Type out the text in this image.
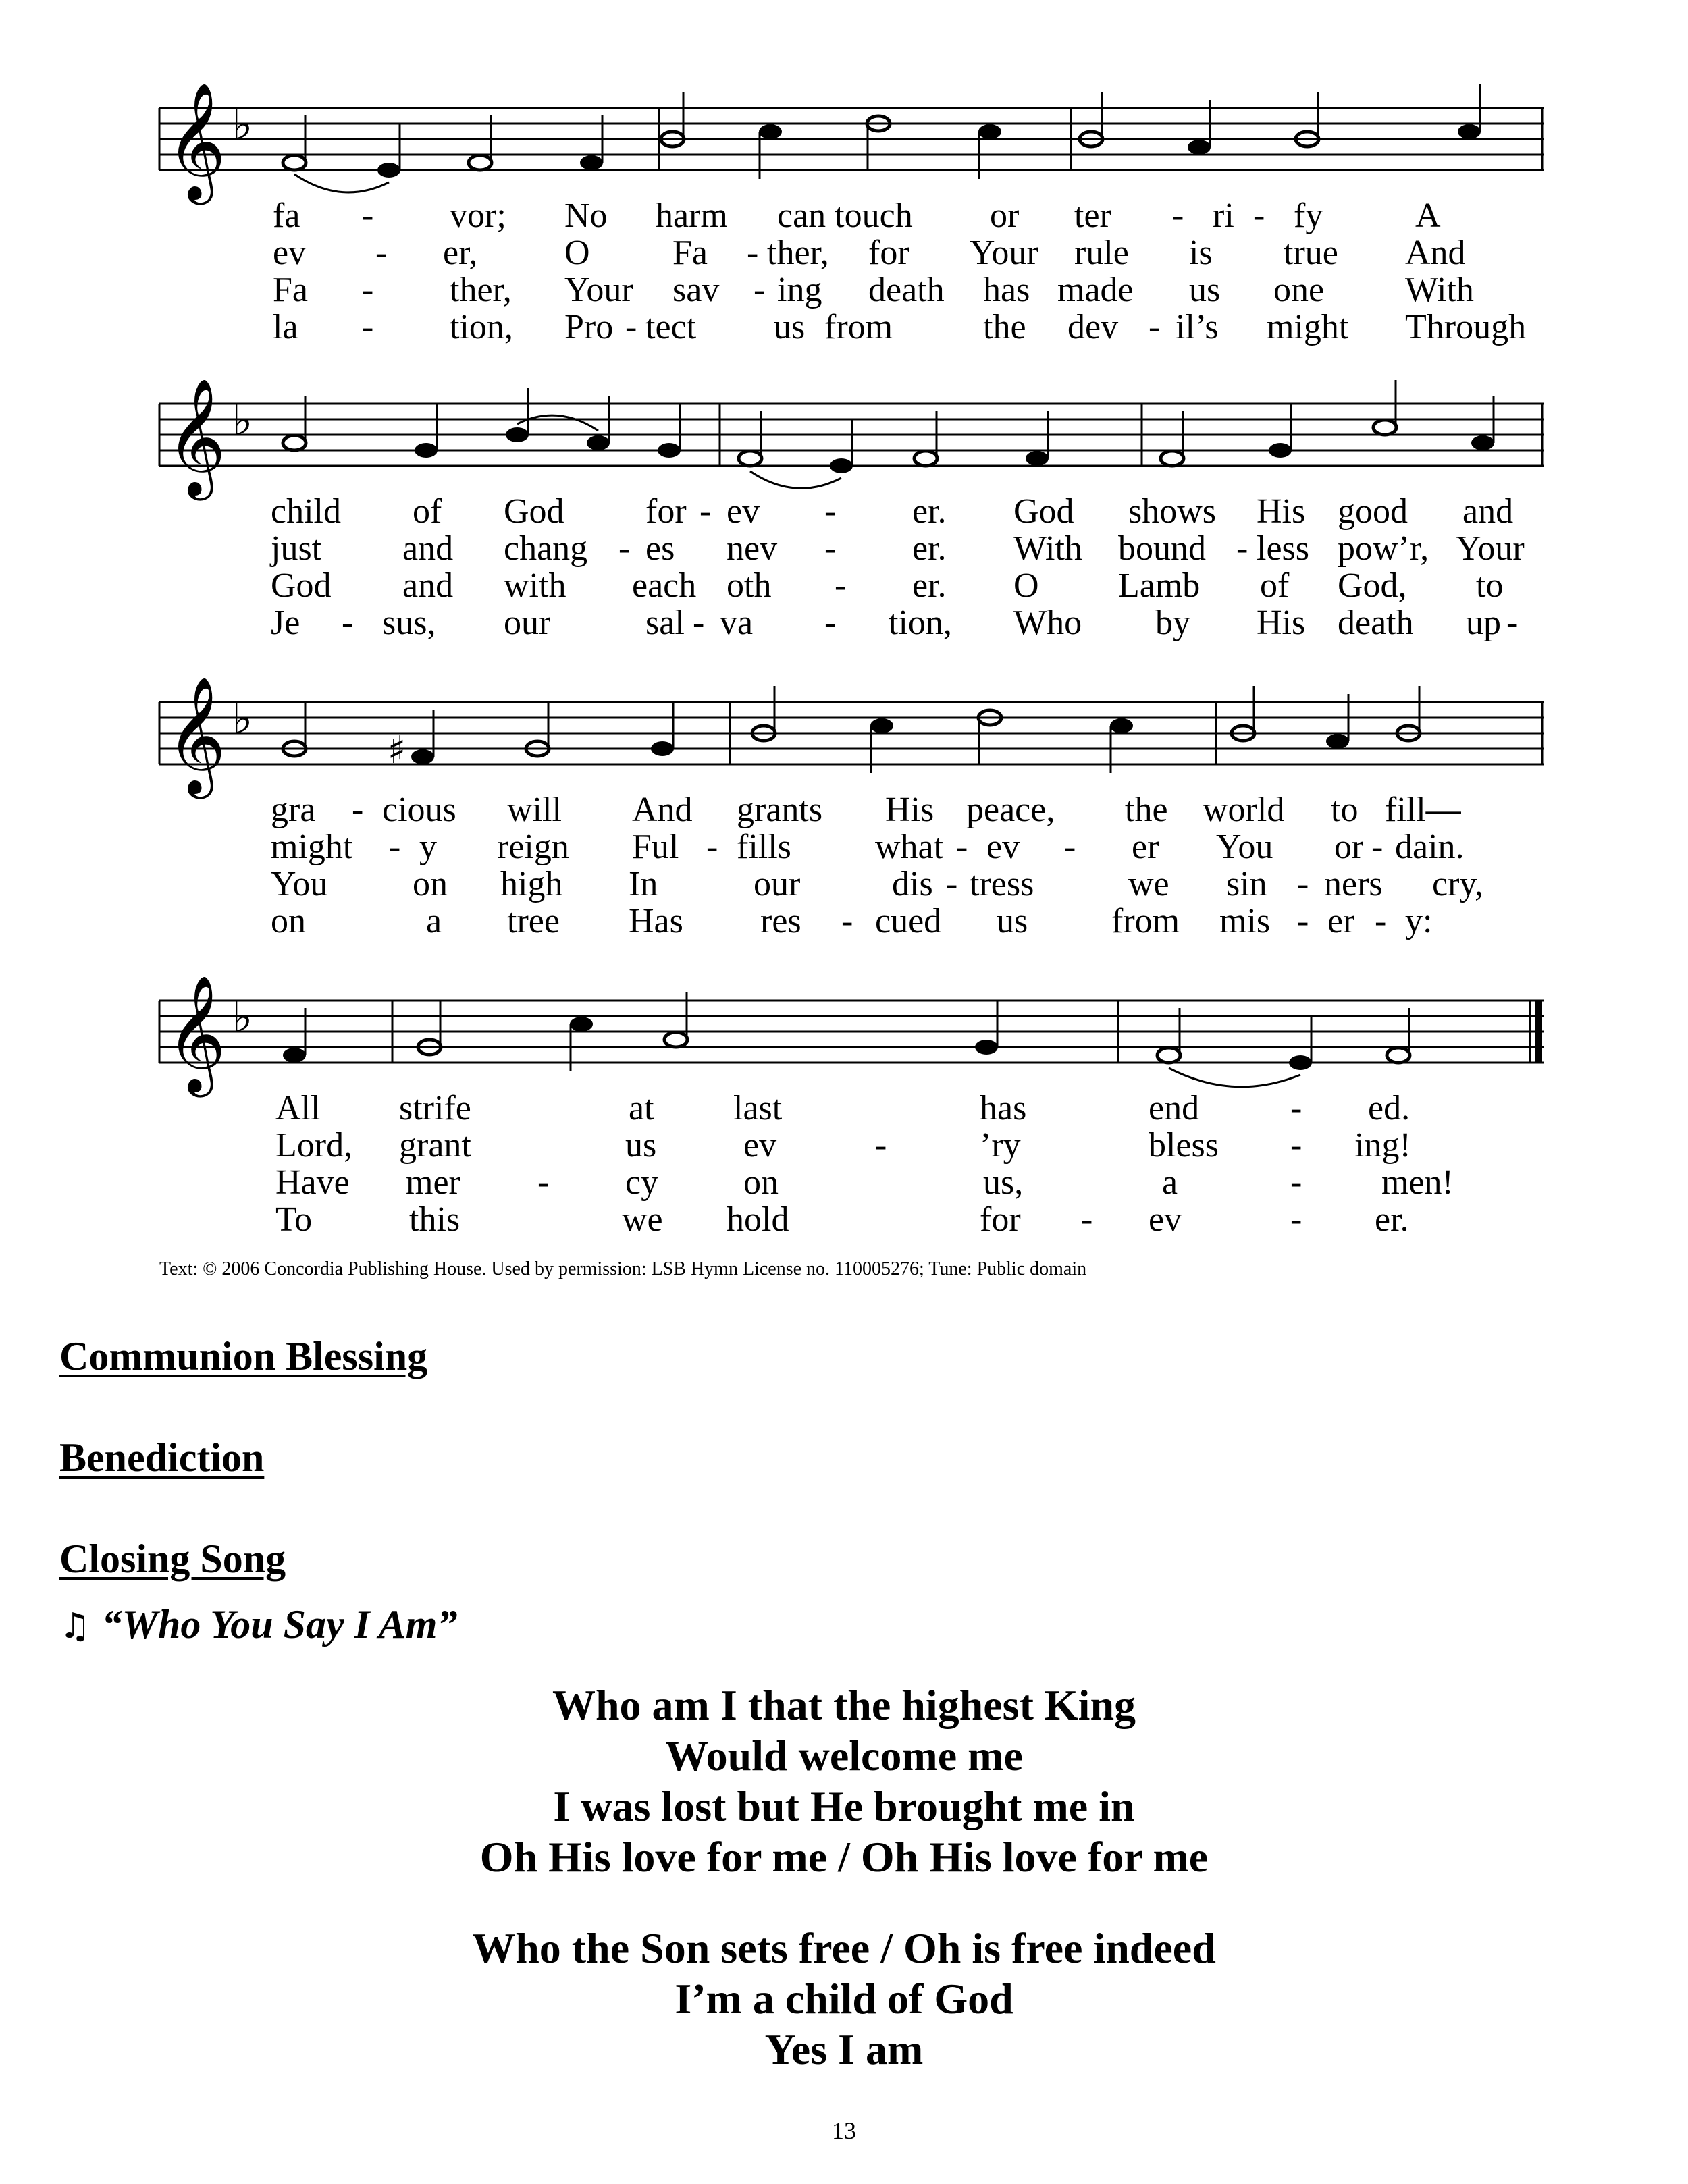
𝄞 ♭
fa - vor; No harm can touch or ter - ri - fy	A
ev - er, O Fa - ther, for Your rule is true And
Fa - ther, Your sav - ing death has made us one With
la - tion, Pro - tect us from	the dev - il’s might Through
𝄞 ♭
child of God for - ev - er. God shows His good and
just and chang - es nev - er. With bound - less pow’r, Your
God and with each oth - er. O Lamb of God, to
Je - sus, our	sal - va - tion, Who by His death up -
𝄞 ♭
♯
gra - cious will And grants His peace, the world to fill—
might - y reign Ful - fills what - ev - er You or - dain.
You on high In	our	dis - tress	we sin - ners cry,
on	a tree Has res - cued us from mis - er - y:
𝄞 ♭
All strife	at last	has	end	- ed.
Lord, grant	us ev	-	’ry	bless - ing!
Have mer - cy on	us,	a	- men!
To	this	we hold	for - ev	- er.
Text: © 2006 Concordia Publishing House. Used by permission: LSB Hymn License no. 110005276; Tune: Public domain
Communion Blessing
Benediction
Closing Song
♫ “Who You Say I Am”
Who am I that the highest King
Would welcome me
I was lost but He brought me in
Oh His love for me / Oh His love for me
Who the Son sets free / Oh is free indeed
I’m a child of God
Yes I am
13
